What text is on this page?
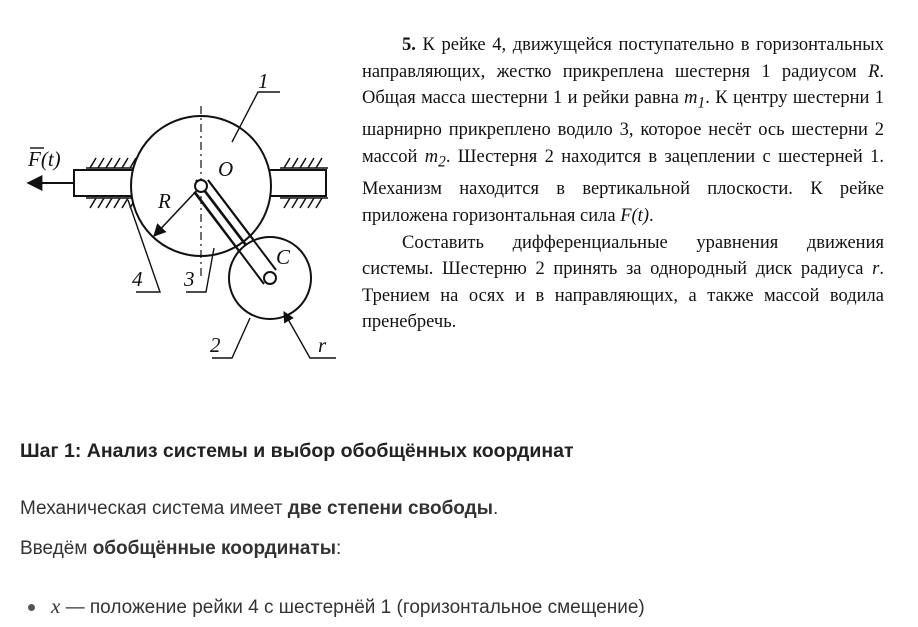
1
4 3
2	r
O
C
R
F(t)

5. К рейке 4, движущейся поступательно в горизонтальных направляющих, жестко прикреплена шестерня 1 радиусом R. Общая масса шестерни 1 и рейки равна $m_1$. К центру шестерни 1 шарнирно прикреплено водило 3, которое несёт ось шестерни 2 массой $m_2$. Шестерня 2 находится в зацеплении с шестерней 1. Механизм находится в вертикальной плоскости. К рейке приложена горизонтальная сила F(t).

Составить дифференциальные уравнения движения системы. Шестерню 2 принять за однородный диск радиуса r. Трением на осях и в направляющих, а также массой водила пренебречь.

Шаг 1: Анализ системы и выбор обобщённых координат

Механическая система имеет две степени свободы.

Введём обобщённые координаты:

x — положение рейки 4 с шестернёй 1 (горизонтальное смещение)
